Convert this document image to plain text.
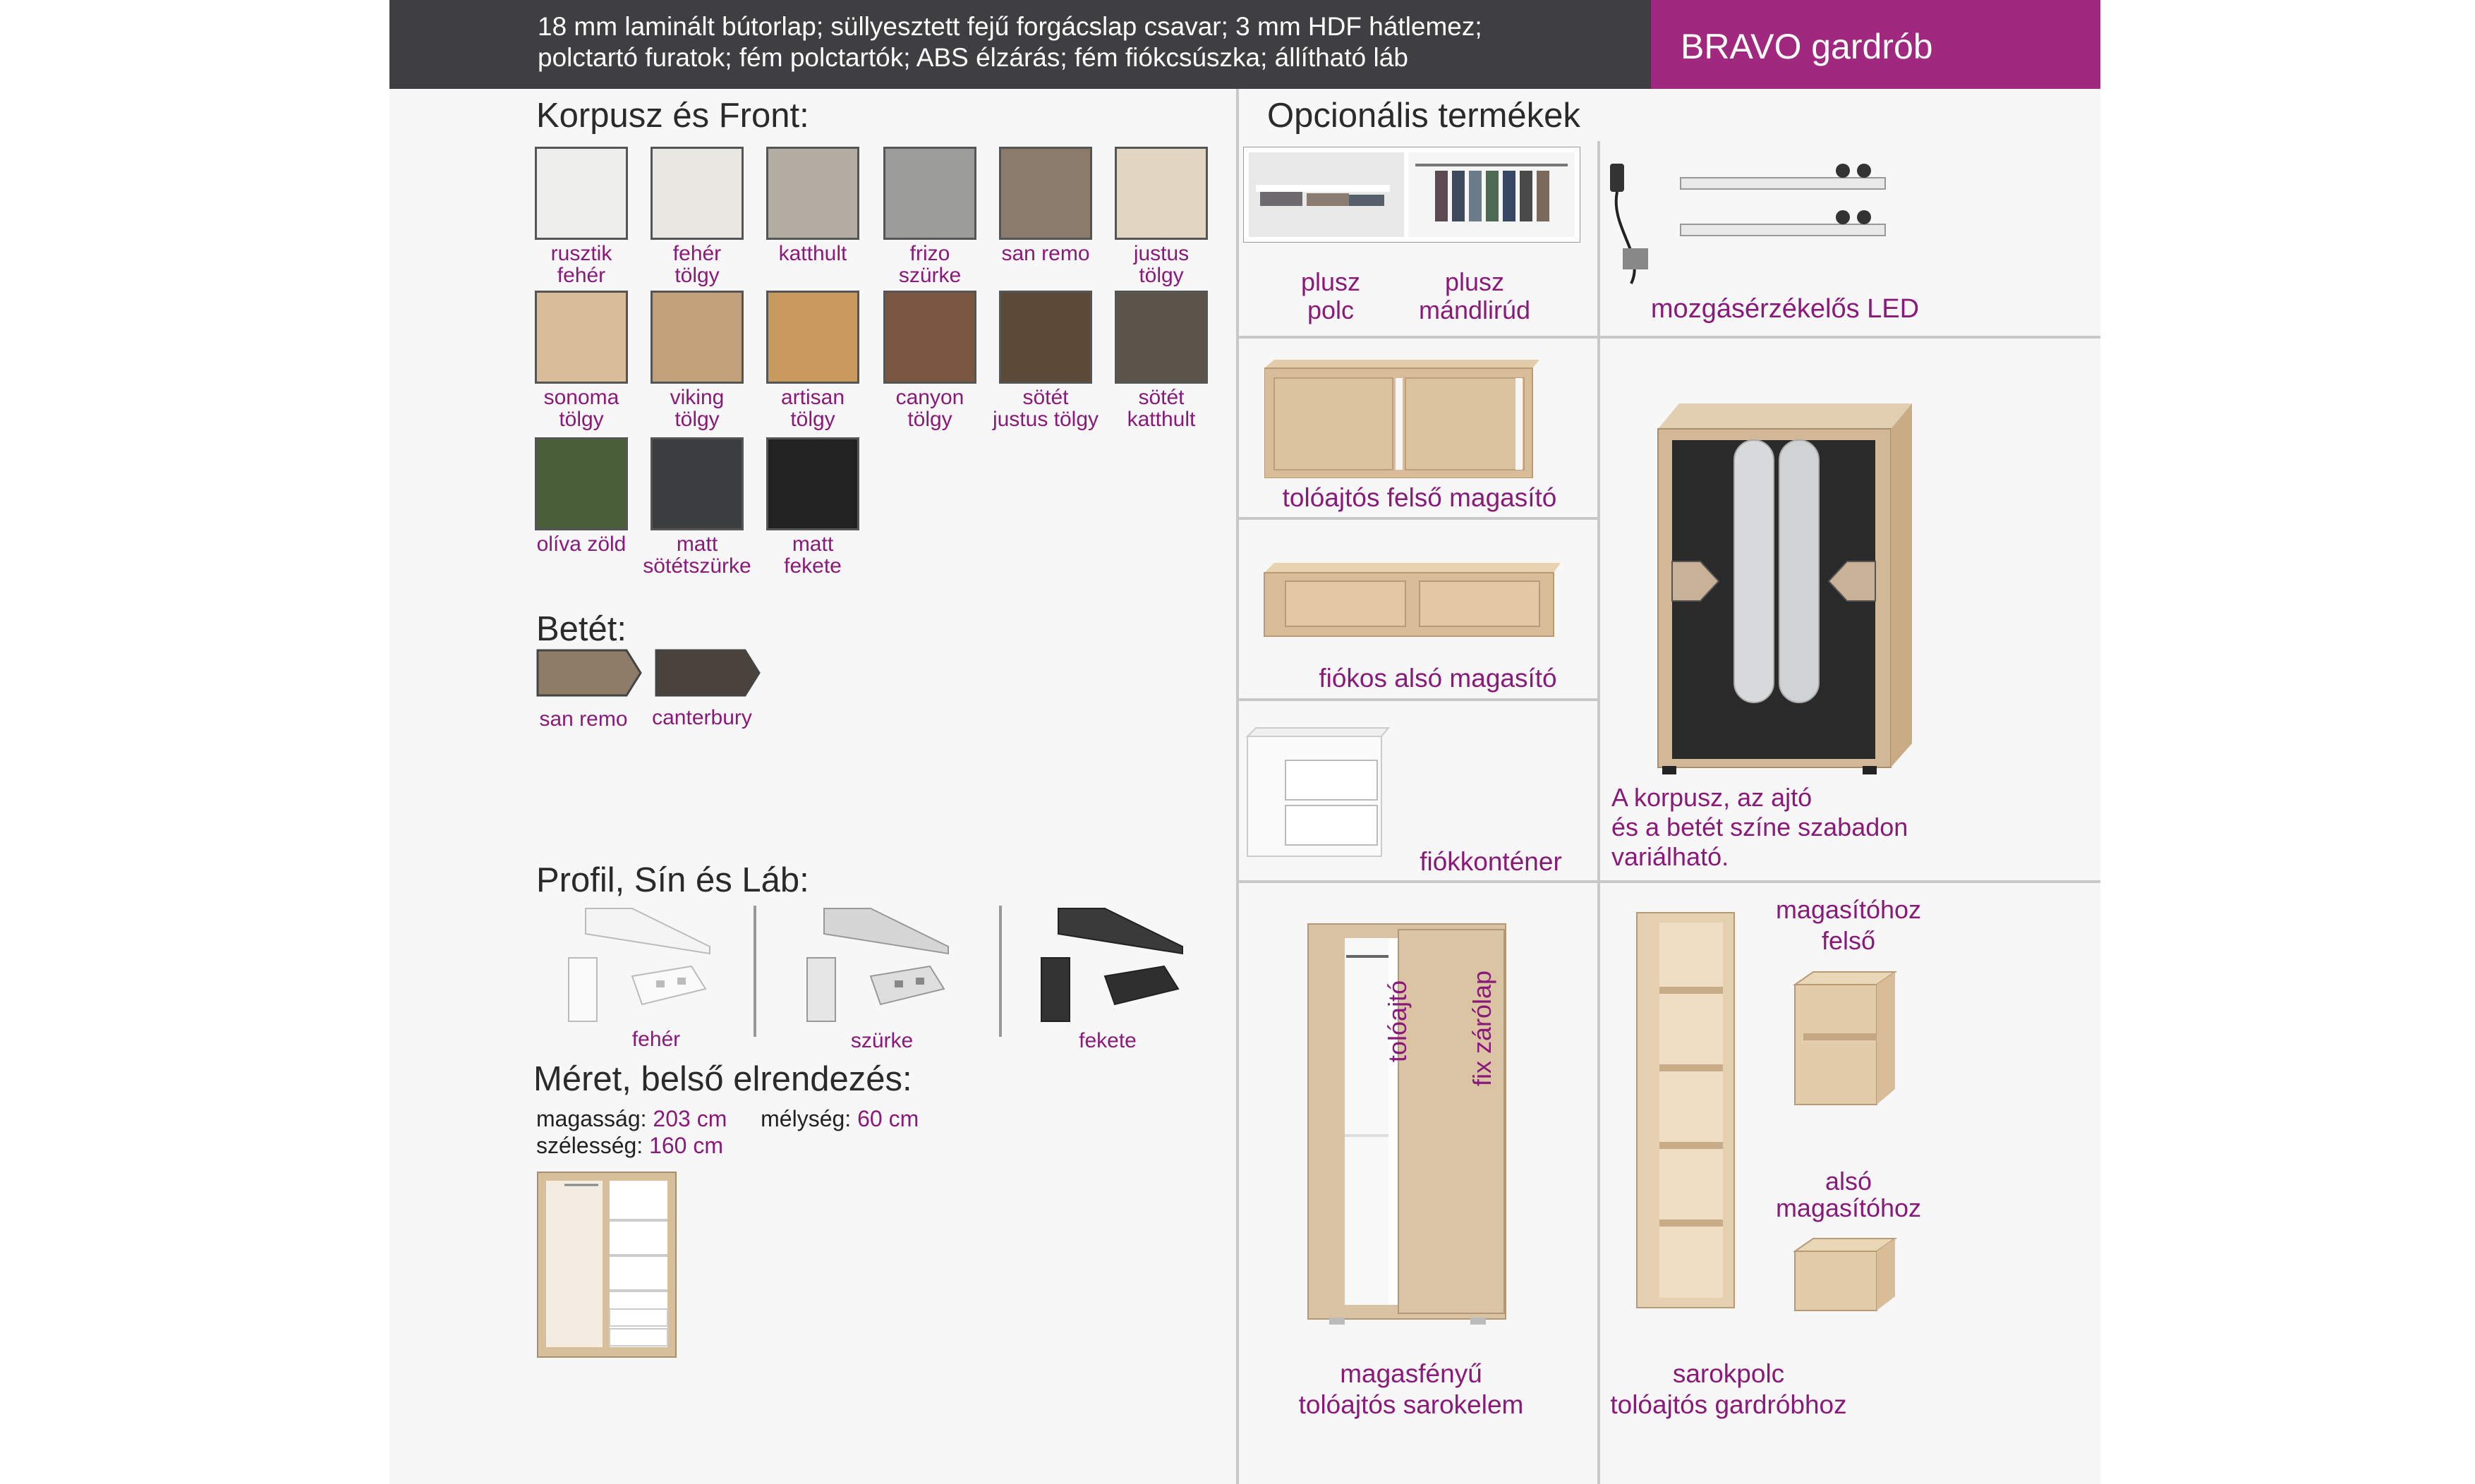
18 mm laminált bútorlap; süllyesztett fejű forgácslap csavar; 3 mm HDF hátlemez;
polctartó furatok; fém polctartók; ABS élzárás; fém fiókcsúszka; állítható láb	BRAVO gardrób
Korpusz és Front:
rusztik
fehér
fehér
tölgy
katthult	frizo
szürke
san remo	justus
tölgy
sonoma
tölgy
viking
tölgy
artisan
tölgy
canyon
tölgy
sötét
justus tölgy
sötét
katthult
olíva zöld	matt
sötétszürke
matt
fekete
Betét:
san remo	canterbury
Profil, Sín és Láb:
fehér	szürke	fekete
Méret, belső elrendezés:
magasság: 203 cm mélység: 60 cm
szélesség: 160 cm
Opcionális termékek
plusz
polc
plusz
mándlirúd	mozgásérzékelős LED
tolóajtós felső magasító
fiókos alsó magasító
fiókkonténer
A korpusz, az ajtó
és a betét színe szabadon
variálható.
tolóajtó	fix zárólap
magasfényű
tolóajtós sarokelem
sarokpolc
tolóajtós gardróbhoz
magasítóhoz
felső
alsó
magasítóhoz
